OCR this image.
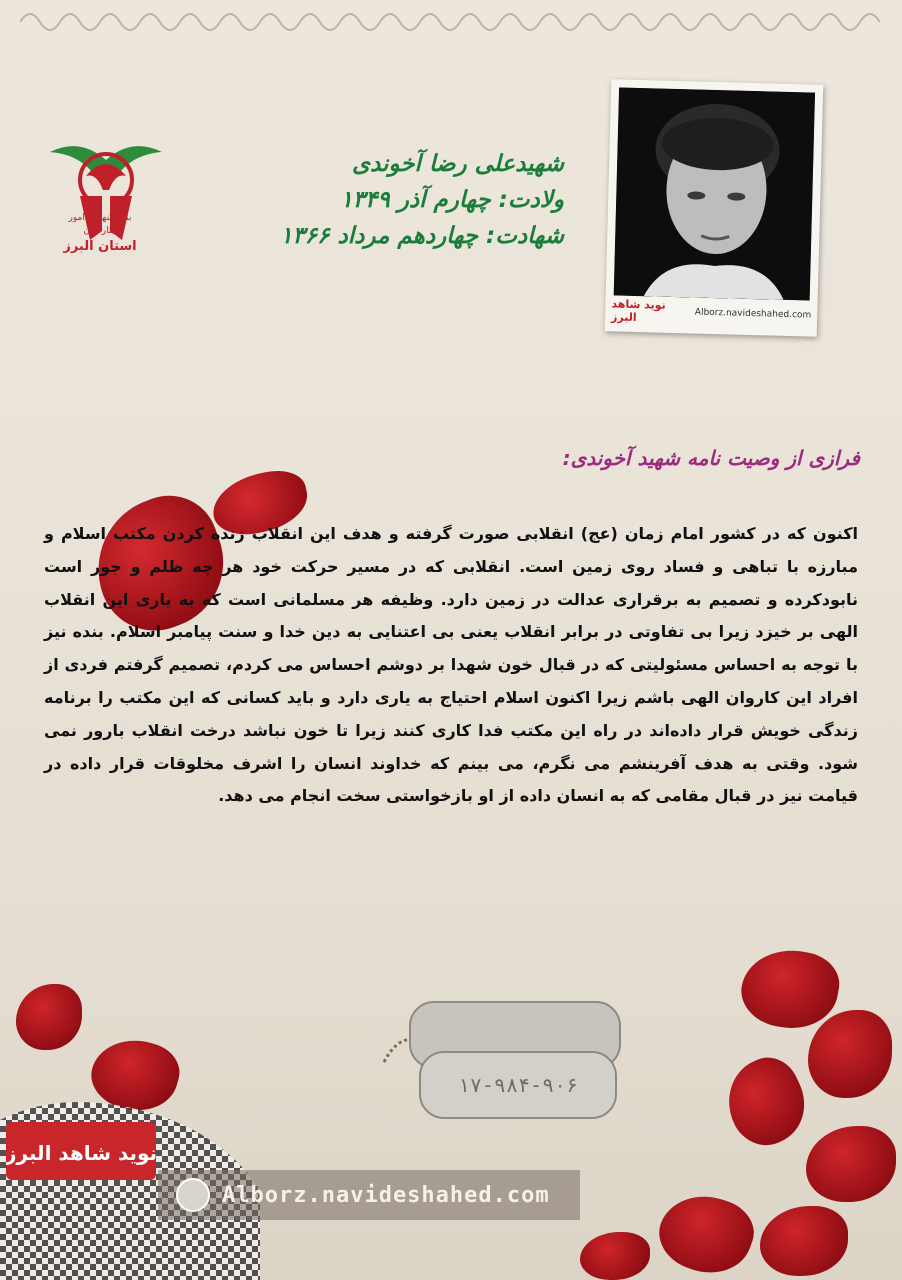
بنیاد شهید و امور ایثارگران
استان البرز
شهیدعلی رضا آخوندی
ولادت: چهارم آذر ۱۳۴۹
شهادت: چهاردهم مرداد ۱۳۶۶
نوید شاهد البرز	Alborz.navideshahed.com
فرازی از وصیت نامه شهید آخوندی:
اکنون که در کشور امام زمان (عج) انقلابی صورت گرفته و هدف این انقلاب زنده کردن مکتب اسلام و مبارزه با تباهی و فساد روی زمین است. انقلابی که در مسیر حرکت خود هر چه ظلم و جور است نابودکرده و تصمیم به برقراری عدالت در زمین دارد. وظیفه هر مسلمانی است که به یاری این انقلاب الهی بر خیزد زیرا بی تفاوتی در برابر انقلاب یعنی بی اعتنایی به دین خدا و سنت پیامبر اسلام. بنده نیز با توجه به احساس مسئولیتی که در قبال خون شهدا بر دوشم احساس می کردم، تصمیم گرفتم فردی از افراد این کاروان الهی باشم زیرا اکنون اسلام احتیاج به یاری دارد و باید کسانی که این مکتب را برنامه زندگی خویش قرار داده‌اند در راه این مکتب فدا کاری کنند زیرا تا خون نباشد درخت انقلاب بارور نمی شود. وقتی به هدف آفرینشم می نگرم، می بینم که خداوند انسان را اشرف مخلوقات قرار داده در قیامت نیز در قبال مقامی که به انسان داده از او بازخواستی سخت انجام می دهد.
۱۷-۹۸۴-۹۰۶
نوید شاهد البرز
Alborz.navideshahed.com
